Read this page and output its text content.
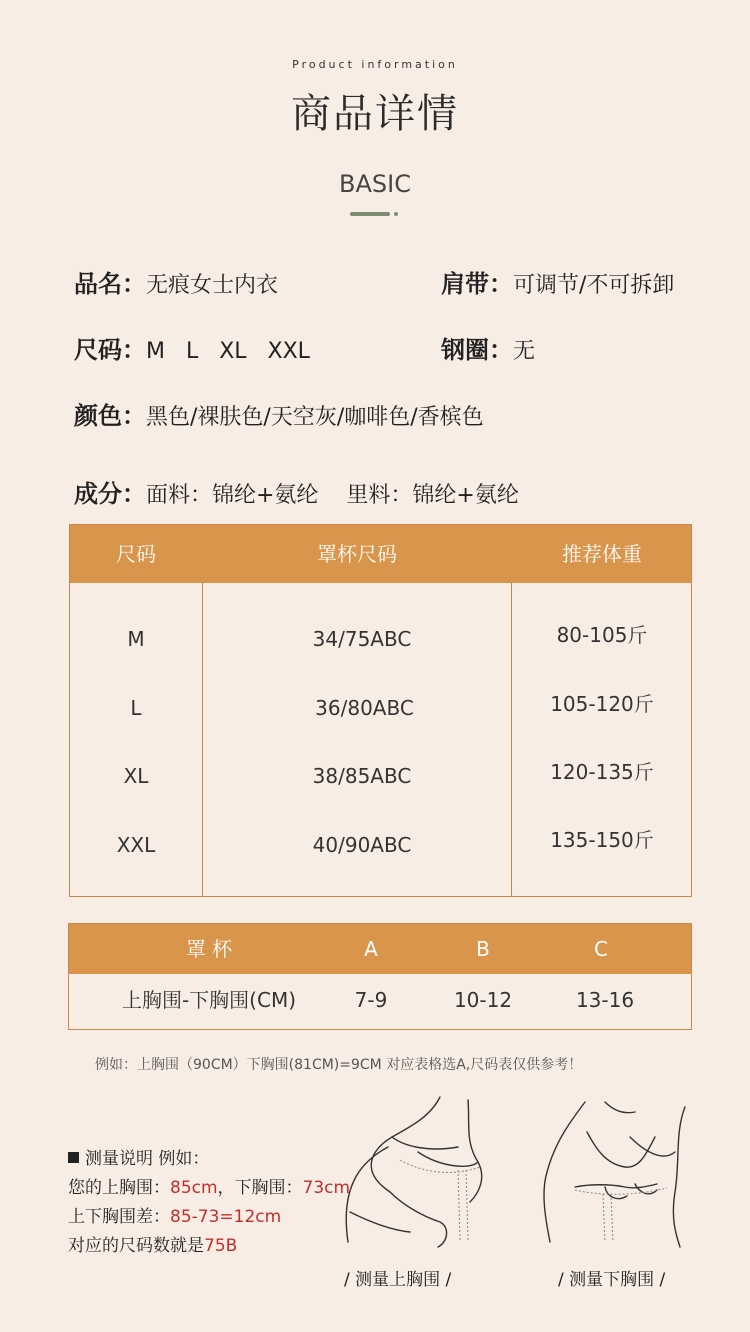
Product information
商品详情
BASIC
品名：无痕女士内衣	肩带：可调节/不可拆卸
尺码：M   L   XL   XXL	钢圈：无
颜色：黑色/裸肤色/天空灰/咖啡色/香槟色
成分：面料：锦纶+氨纶    里料：锦纶+氨纶
尺码	罩杯尺码	推荐体重
M	34/75ABC	80-105斤
L	36/80ABC	105-120斤
XL	38/85ABC	120-135斤
XXL	40/90ABC	135-150斤
罩 杯	A	B	C
上胸围-下胸围(CM)	7-9	10-12	13-16
例如：上胸围（90CM）下胸围(81CM)=9CM 对应表格选A,尺码表仅供参考！
测量说明 例如：
您的上胸围：85cm，下胸围：73cm
上下胸围差：85-73=12cm
对应的尺码数就是75B
/ 测量上胸围 /	/ 测量下胸围 /
